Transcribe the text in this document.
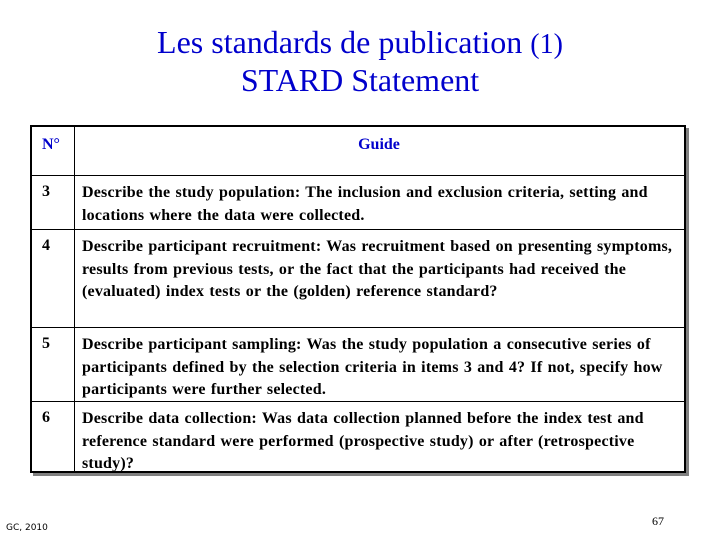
Les standards de publication (1)
STARD Statement
N°	Guide
3 Describe the study population: The inclusion and exclusion criteria, setting and locations where the data were collected.
4 Describe participant recruitment: Was recruitment based on presenting symptoms, results from previous tests, or the fact that the participants had received the (evaluated) index tests or the (golden) reference standard?
5 Describe participant sampling: Was the study population a consecutive series of participants defined by the selection criteria in items 3 and 4? If not, specify how participants were further selected.
6 Describe data collection: Was data collection planned before the index test and reference standard were performed (prospective study) or after (retrospective study)?
GC, 2010	67
